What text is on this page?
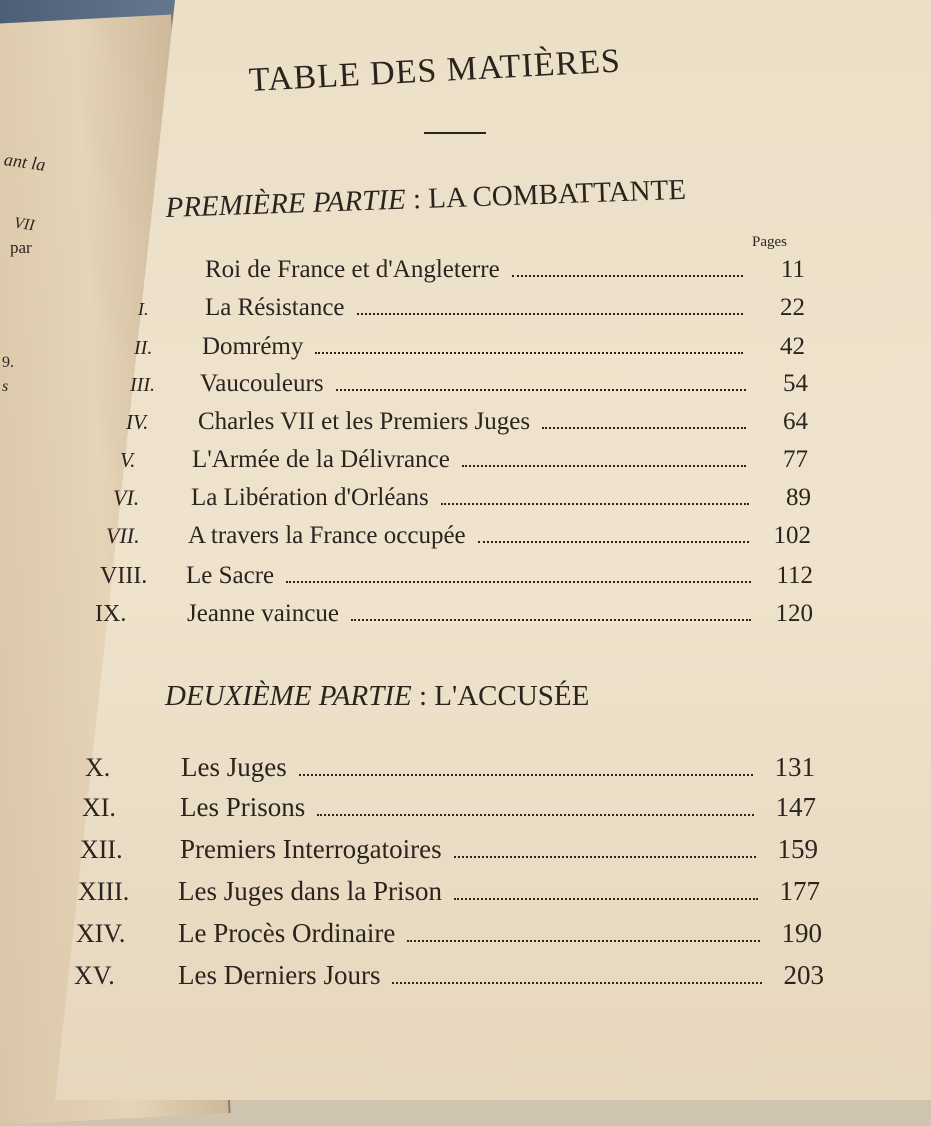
ant la
VII
par
9.
s
TABLE DES MATIÈRES
PREMIÈRE PARTIE : LA COMBATTANTE
Pages
Roi de France et d'Angleterre	11
I.	La Résistance	22
II.	Domrémy	42
III.	Vaucouleurs	54
IV.	Charles VII et les Premiers Juges	64
V.	L'Armée de la Délivrance	77
VI.	La Libération d'Orléans	89
VII.	A travers la France occupée	102
VIII.	Le Sacre	112
IX.	Jeanne vaincue	120
DEUXIÈME PARTIE : L'ACCUSÉE
X.	Les Juges	131
XI.	Les Prisons	147
XII.	Premiers Interrogatoires	159
XIII.	Les Juges dans la Prison	177
XIV.	Le Procès Ordinaire	190
XV.	Les Derniers Jours	203
